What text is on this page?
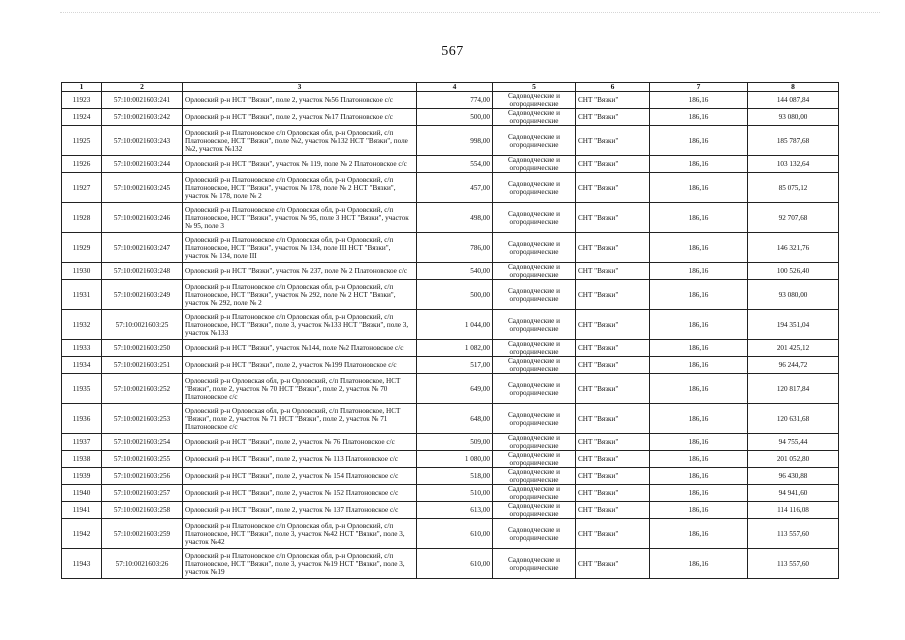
567
1	2	3	4	5	6	7	8
11923	57:10:0021603:241	Орловский р-н НСТ "Вязки", поле 2, участок №56 Платоновское с/с	774,00	Садоводческие и огороднические	СНТ "Вязки"	186,16	144 087,84
11924	57:10:0021603:242	Орловский р-н НСТ "Вязки", поле 2, участок №17 Платоновское с/с	500,00	Садоводческие и огороднические	СНТ "Вязки"	186,16	93 080,00
11925	57:10:0021603:243	Орловский р-н Платоновское с/п Орловская обл, р-н Орловский, с/п Платоновское, НСТ "Вязки", поле №2, участок №132 НСТ "Вязки", поле №2, участок №132	998,00	Садоводческие и огороднические	СНТ "Вязки"	186,16	185 787,68
11926	57:10:0021603:244	Орловский р-н НСТ "Вязки", участок № 119, поле № 2 Платоновское с/с	554,00	Садоводческие и огороднические	СНТ "Вязки"	186,16	103 132,64
11927	57:10:0021603:245	Орловский р-н Платоновское с/п Орловская обл, р-н Орловский, с/п Платоновское, НСТ "Вязки", участок № 178, поле № 2 НСТ "Вязки", участок № 178, поле № 2	457,00	Садоводческие и огороднические	СНТ "Вязки"	186,16	85 075,12
11928	57:10:0021603:246	Орловский р-н Платоновское с/п Орловская обл, р-н Орловский, с/п Платоновское, НСТ "Вязки", участок № 95, поле 3 НСТ "Вязки", участок № 95, поле 3	498,00	Садоводческие и огороднические	СНТ "Вязки"	186,16	92 707,68
11929	57:10:0021603:247	Орловский р-н Платоновское с/п Орловская обл, р-н Орловский, с/п Платоновское, НСТ "Вязки", участок № 134, поле III НСТ "Вязки", участок № 134, поле III	786,00	Садоводческие и огороднические	СНТ "Вязки"	186,16	146 321,76
11930	57:10:0021603:248	Орловский р-н НСТ "Вязки", участок № 237, поле № 2 Платоновское с/с	540,00	Садоводческие и огороднические	СНТ "Вязки"	186,16	100 526,40
11931	57:10:0021603:249	Орловский р-н Платоновское с/п Орловская обл, р-н Орловский, с/п Платоновское, НСТ "Вязки", участок № 292, поле № 2 НСТ "Вязки", участок № 292, поле № 2	500,00	Садоводческие и огороднические	СНТ "Вязки"	186,16	93 080,00
11932	57:10:0021603:25	Орловский р-н Платоновское с/п Орловская обл, р-н Орловский, с/п Платоновское, НСТ "Вязки", поле 3, участок №133 НСТ "Вязки", поле 3, участок №133	1 044,00	Садоводческие и огороднические	СНТ "Вязки"	186,16	194 351,04
11933	57:10:0021603:250	Орловский р-н НСТ "Вязки", участок №144, поле №2 Платоновское с/с	1 082,00	Садоводческие и огороднические	СНТ "Вязки"	186,16	201 425,12
11934	57:10:0021603:251	Орловский р-н НСТ "Вязки", поле 2, участок №199 Платоновское с/с	517,00	Садоводческие и огороднические	СНТ "Вязки"	186,16	96 244,72
11935	57:10:0021603:252	Орловский р-н Орловская обл, р-н Орловский, с/п Платоновское, НСТ "Вязки", поле 2, участок № 70 НСТ "Вязки", поле 2, участок № 70 Платоновское с/с	649,00	Садоводческие и огороднические	СНТ "Вязки"	186,16	120 817,84
11936	57:10:0021603:253	Орловский р-н Орловская обл, р-н Орловский, с/п Платоновское, НСТ "Вязки", поле 2, участок № 71 НСТ "Вязки", поле 2, участок № 71 Платоновское с/с	648,00	Садоводческие и огороднические	СНТ "Вязки"	186,16	120 631,68
11937	57:10:0021603:254	Орловский р-н НСТ "Вязки", поле 2, участок № 76 Платоновское с/с	509,00	Садоводческие и огороднические	СНТ "Вязки"	186,16	94 755,44
11938	57:10:0021603:255	Орловский р-н НСТ "Вязки", поле 2, участок № 113 Платоновское с/с	1 080,00	Садоводческие и огороднические	СНТ "Вязки"	186,16	201 052,80
11939	57:10:0021603:256	Орловский р-н НСТ "Вязки", поле 2, участок № 154 Платоновское с/с	518,00	Садоводческие и огороднические	СНТ "Вязки"	186,16	96 430,88
11940	57:10:0021603:257	Орловский р-н НСТ "Вязки", поле 2, участок № 152 Платоновское с/с	510,00	Садоводческие и огороднические	СНТ "Вязки"	186,16	94 941,60
11941	57:10:0021603:258	Орловский р-н НСТ "Вязки", поле 2, участок № 137 Платоновское с/с	613,00	Садоводческие и огороднические	СНТ "Вязки"	186,16	114 116,08
11942	57:10:0021603:259	Орловский р-н Платоновское с/п Орловская обл, р-н Орловский, с/п Платоновское, НСТ "Вязки", поле 3, участок №42 НСТ "Вязки", поле 3, участок №42	610,00	Садоводческие и огороднические	СНТ "Вязки"	186,16	113 557,60
11943	57:10:0021603:26	Орловский р-н Платоновское с/п Орловская обл, р-н Орловский, с/п Платоновское, НСТ "Вязки", поле 3, участок №19 НСТ "Вязки", поле 3, участок №19	610,00	Садоводческие и огороднические	СНТ "Вязки"	186,16	113 557,60
